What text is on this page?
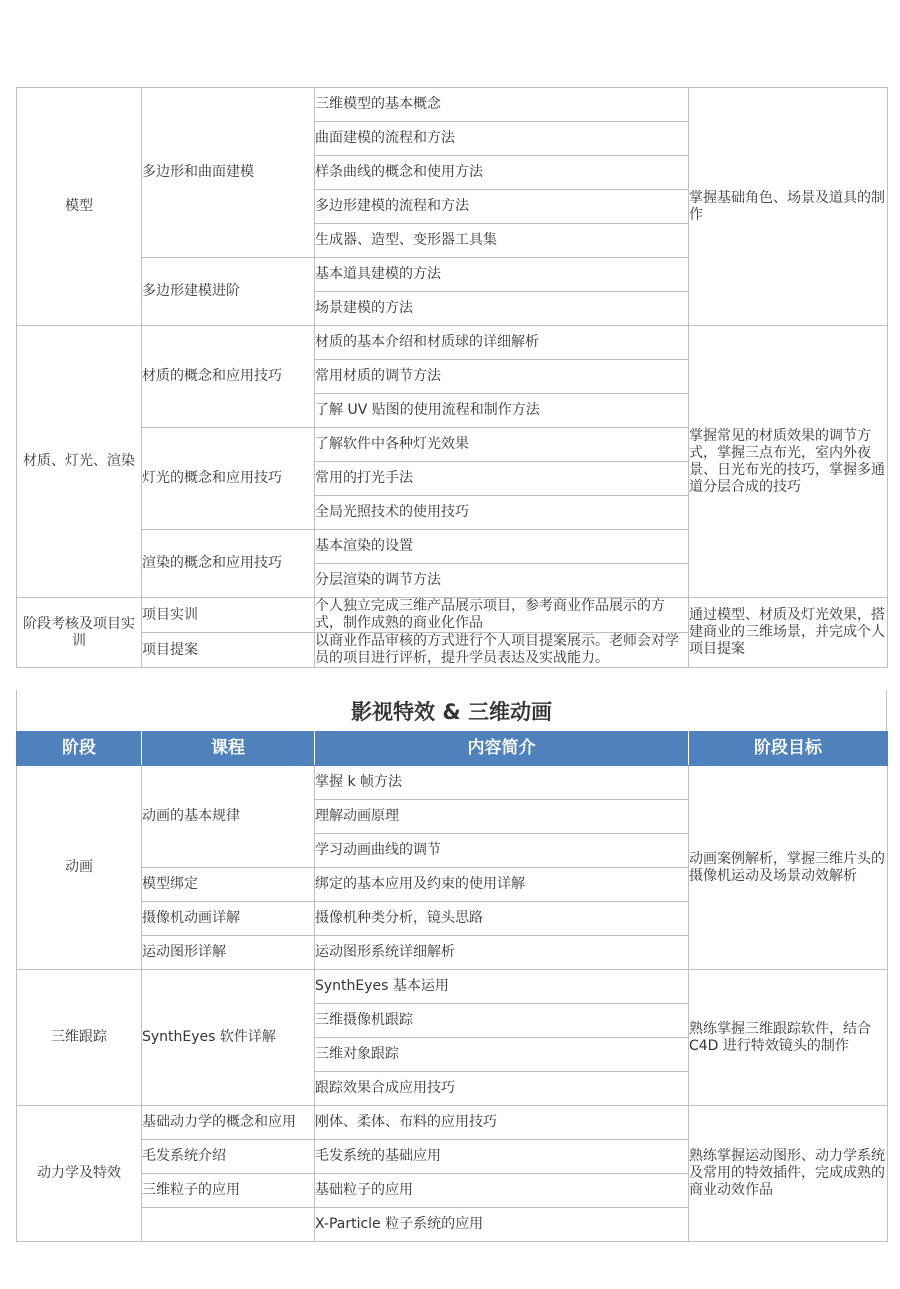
模型	多边形和曲面建模	三维模型的基本概念	掌握基础角色、场景及道具的制作
		曲面建模的流程和方法	
		样条曲线的概念和使用方法	
		多边形建模的流程和方法	
		生成器、造型、变形器工具集	
	多边形建模进阶	基本道具建模的方法	
		场景建模的方法	
材质、灯光、渲染	材质的概念和应用技巧	材质的基本介绍和材质球的详细解析	掌握常见的材质效果的调节方式，掌握三点布光，室内外夜景、日光布光的技巧，掌握多通道分层合成的技巧
		常用材质的调节方法	
		了解 UV 贴图的使用流程和制作方法	
	灯光的概念和应用技巧	了解软件中各种灯光效果	
		常用的打光手法	
		全局光照技术的使用技巧	
	渲染的概念和应用技巧	基本渲染的设置	
		分层渲染的调节方法	
阶段考核及项目实训	项目实训	个人独立完成三维产品展示项目，参考商业作品展示的方式，制作成熟的商业化作品	通过模型、材质及灯光效果，搭建商业的三维场景，并完成个人项目提案
	项目提案	以商业作品审核的方式进行个人项目提案展示。老师会对学员的项目进行评析，提升学员表达及实战能力。	
影视特效 & 三维动画
阶段	课程	内容简介	阶段目标
动画	动画的基本规律	掌握 k 帧方法	动画案例解析，掌握三维片头的摄像机运动及场景动效解析
		理解动画原理	
		学习动画曲线的调节	
	模型绑定	绑定的基本应用及约束的使用详解	
	摄像机动画详解	摄像机种类分析，镜头思路	
	运动图形详解	运动图形系统详细解析	
三维跟踪	SynthEyes 软件详解	SynthEyes 基本运用	熟练掌握三维跟踪软件，结合 C4D 进行特效镜头的制作
		三维摄像机跟踪	
		三维对象跟踪	
		跟踪效果合成应用技巧	
动力学及特效	基础动力学的概念和应用	刚体、柔体、布料的应用技巧	熟练掌握运动图形、动力学系统及常用的特效插件，完成成熟的商业动效作品
	毛发系统介绍	毛发系统的基础应用	
	三维粒子的应用	基础粒子的应用	
		X-Particle 粒子系统的应用	
